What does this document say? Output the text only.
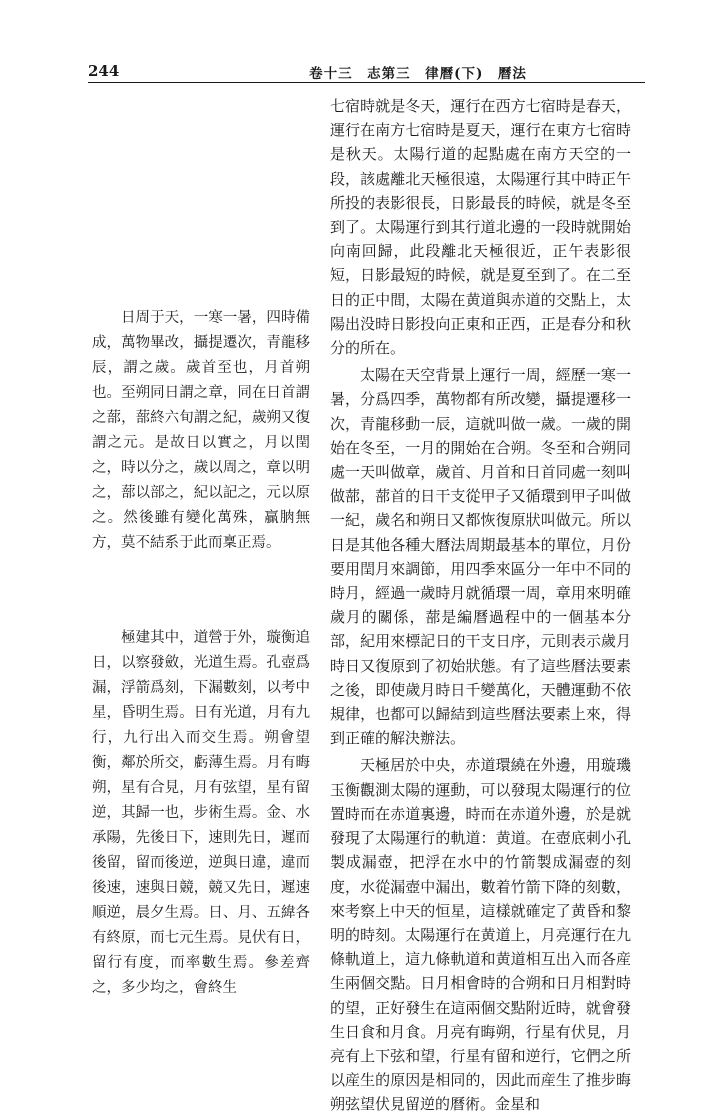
244	卷十三　志第三　律曆(下)　曆法
日周于天，一寒一暑，四時備成，萬物畢改，攝提遷次，青龍移辰，謂之歲。歲首至也，月首朔也。至朔同日謂之章，同在日首謂之蔀，蔀終六旬謂之紀，歲朔又復謂之元。是故日以實之，月以閏之，時以分之，歲以周之，章以明之，蔀以部之，紀以記之，元以原之。然後雖有變化萬殊，贏朒無方，莫不結系于此而稟正焉。
極建其中，道營于外，璇衡追日，以察發斂，光道生焉。孔壺爲漏，浮箭爲刻，下漏數刻，以考中星，昏明生焉。日有光道，月有九行，九行出入而交生焉。朔會望衡，鄰於所交，虧薄生焉。月有晦朔，星有合見，月有弦望，星有留逆，其歸一也，步術生焉。金、水承陽，先後日下，速則先日，遲而後留，留而後逆，逆與日違，違而後速，速與日競，競又先日，遲速順逆，晨夕生焉。日、月、五緯各有終原，而七元生焉。見伏有日，留行有度，而率數生焉。參差齊之，多少均之，會終生

七宿時就是冬天，運行在西方七宿時是春天，運行在南方七宿時是夏天，運行在東方七宿時是秋天。太陽行道的起點處在南方天空的一段，該處離北天極很遠，太陽運行其中時正午所投的表影很長，日影最長的時候，就是冬至到了。太陽運行到其行道北邊的一段時就開始向南回歸，此段離北天極很近，正午表影很短，日影最短的時候，就是夏至到了。在二至日的正中間，太陽在黄道與赤道的交點上，太陽出没時日影投向正東和正西，正是春分和秋分的所在。

太陽在天空背景上運行一周，經歷一寒一暑，分爲四季，萬物都有所改變，攝提遷移一次，青龍移動一辰，這就叫做一歲。一歲的開始在冬至，一月的開始在合朔。冬至和合朔同處一天叫做章，歲首、月首和日首同處一刻叫做蔀，蔀首的日干支從甲子又循環到甲子叫做一紀，歲名和朔日又都恢復原狀叫做元。所以日是其他各種大曆法周期最基本的單位，月份要用閏月來調節，用四季來區分一年中不同的時月，經過一歲時月就循環一周，章用來明確歲月的關係，蔀是編曆過程中的一個基本分部，紀用來標記日的干支日序，元則表示歲月時日又復原到了初始狀態。有了這些曆法要素之後，即使歲月時日千變萬化，天體運動不依規律，也都可以歸結到這些曆法要素上來，得到正確的解決辦法。

天極居於中央，赤道環繞在外邊，用璇璣玉衡觀測太陽的運動，可以發現太陽運行的位置時而在赤道裏邊，時而在赤道外邊，於是就發現了太陽運行的軌道：黄道。在壺底刺小孔製成漏壺，把浮在水中的竹箭製成漏壺的刻度，水從漏壺中漏出，數着竹箭下降的刻數，來考察上中天的恒星，這樣就確定了黄昏和黎明的時刻。太陽運行在黄道上，月亮運行在九條軌道上，這九條軌道和黄道相互出入而各産生兩個交點。日月相會時的合朔和日月相對時的望，正好發生在這兩個交點附近時，就會發生日食和月食。月亮有晦朔，行星有伏見，月亮有上下弦和望，行星有留和逆行，它們之所以産生的原因是相同的，因此而産生了推步晦朔弦望伏見留逆的曆術。金星和
